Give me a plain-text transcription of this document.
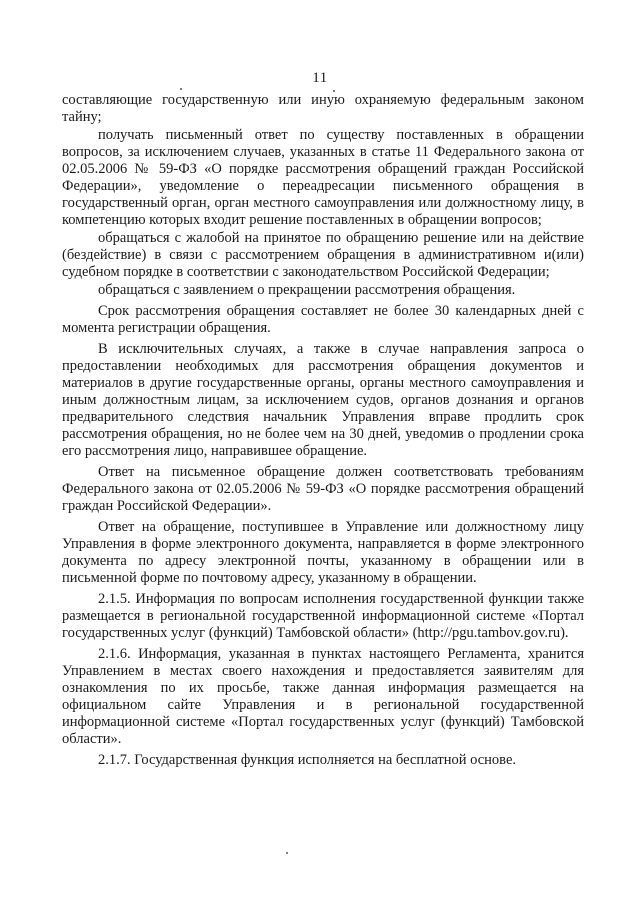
11

составляющие государственную или иную охраняемую федеральным законом тайну;

получать письменный ответ по существу поставленных в обращении вопросов, за исключением случаев, указанных в статье 11 Федерального закона от 02.05.2006 № 59-ФЗ «О порядке рассмотрения обращений граждан Российской Федерации», уведомление о переадресации письменного обращения в государственный орган, орган местного самоуправления или должностному лицу, в компетенцию которых входит решение поставленных в обращении вопросов;

обращаться с жалобой на принятое по обращению решение или на действие (бездействие) в связи с рассмотрением обращения в административном и(или) судебном порядке в соответствии с законодательством Российской Федерации;

обращаться с заявлением о прекращении рассмотрения обращения.

Срок рассмотрения обращения составляет не более 30 календарных дней с момента регистрации обращения.

В исключительных случаях, а также в случае направления запроса о предоставлении необходимых для рассмотрения обращения документов и материалов в другие государственные органы, органы местного самоуправления и иным должностным лицам, за исключением судов, органов дознания и органов предварительного следствия начальник Управления вправе продлить срок рассмотрения обращения, но не более чем на 30 дней, уведомив о продлении срока его рассмотрения лицо, направившее обращение.

Ответ на письменное обращение должен соответствовать требованиям Федерального закона от 02.05.2006 № 59-ФЗ «О порядке рассмотрения обращений граждан Российской Федерации».

Ответ на обращение, поступившее в Управление или должностному лицу Управления в форме электронного документа, направляется в форме электронного документа по адресу электронной почты, указанному в обращении или в письменной форме по почтовому адресу, указанному в обращении.

2.1.5. Информация по вопросам исполнения государственной функции также размещается в региональной государственной информационной системе «Портал государственных услуг (функций) Тамбовской области» (http://pgu.tambov.gov.ru).

2.1.6. Информация, указанная в пунктах настоящего Регламента, хранится Управлением в местах своего нахождения и предоставляется заявителям для ознакомления по их просьбе, также данная информация размещается на официальном сайте Управления и в региональной государственной информационной системе «Портал государственных услуг (функций) Тамбовской области».

2.1.7. Государственная функция исполняется на бесплатной основе.
